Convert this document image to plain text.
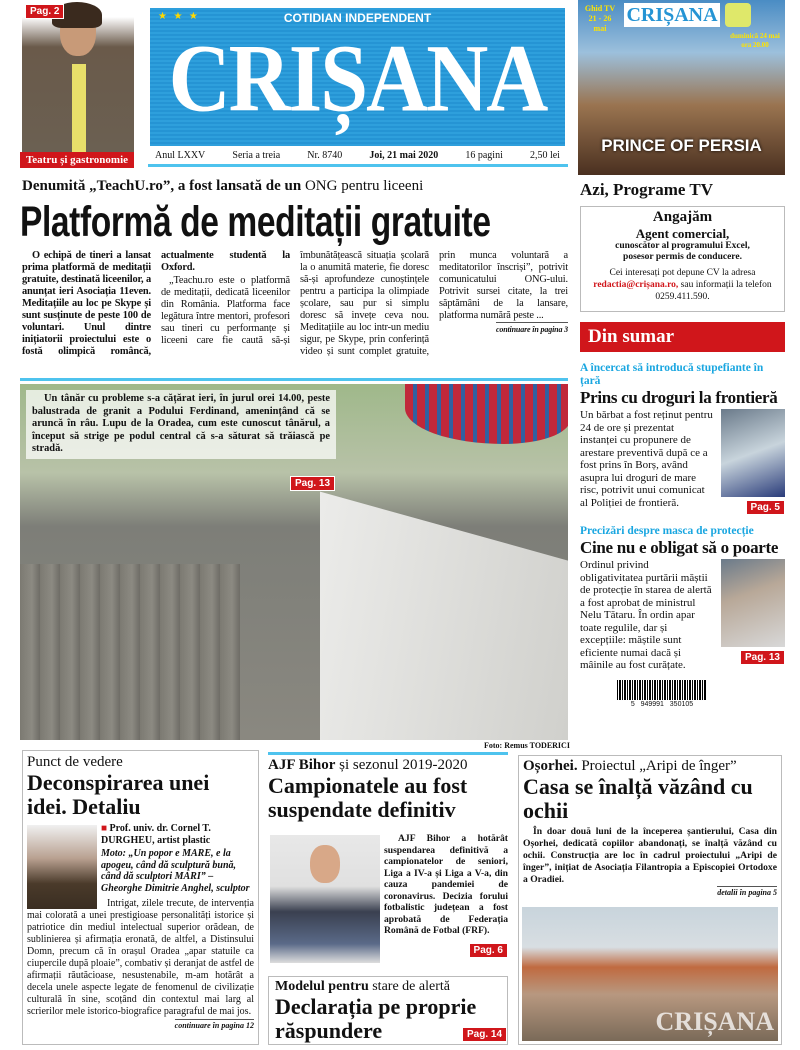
Pag. 2
Teatru și gastronomie
★ ★ ★	COTIDIAN INDEPENDENT
CRIȘANA
Anul LXXV	Seria a treia	Nr. 8740	Joi, 21 mai 2020	16 pagini	2,50 lei
Ghid TV 21 - 26 mai
CRIȘANA
duminică 24 mai ora 20.00
PRINCE OF PERSIA
Azi, Programe TV
Denumită „TeachU.ro”, a fost lansată de un ONG pentru liceeni
Platformă de meditații gratuite

O echipă de tineri a lansat prima platformă de meditații gratuite, destinată liceenilor, a anunțat ieri Asociația 11even. Meditațiile au loc pe Skype și sunt susținute de peste 100 de voluntari. Unul dintre inițiatorii proiectului este o fostă olimpică româncă, actualmente studentă la Oxford.

„Teachu.ro este o platformă de meditații, dedicată liceenilor din România. Platforma face legătura între mentori, profesori sau tineri cu performanțe și liceeni care fie caută să-și îmbunătățească situația școlară la o anumită materie, fie doresc să-și aprofundeze cunoștințele pentru a participa la olimpiade școlare, sau pur si simplu doresc să invețe ceva nou. Meditațiile au loc intr-un mediu sigur, pe Skype, prin conferință video și sunt complet gratuite, prin munca voluntară a meditatorilor înscriși”, potrivit comunicatului ONG-ului. Potrivit sursei citate, la trei săptămâni de la lansare, platforma numără peste ...

continuare în pagina 3
Un tânăr cu probleme s-a cățărat ieri, în jurul orei 14.00, peste balustrada de granit a Podului Ferdinand, amenințând că se aruncă în râu. Lupu de la Oradea, cum este cunoscut tânărul, a început să strige pe podul central că s-a săturat să trăiască pe stradă.
Pag. 13
Foto: Remus TODERICI
Angajăm
Agent comercial,
cunoscător al programului Excel,
posesor permis de conducere.
Cei interesați pot depune CV la adresa
redactia@crișana.ro, sau informații la telefon 0259.411.590.
Din sumar
A încercat să introducă stupefiante în țară
Prins cu droguri la frontieră
Pag. 5
Un bărbat a fost reținut pentru 24 de ore și prezentat instanței cu propunere de arestare preventivă după ce a fost prins în Borș, având asupra lui droguri de mare risc, potrivit unui comunicat al Poliției de frontieră.
Precizări despre masca de protecție
Cine nu e obligat să o poarte
Pag. 13
Ordinul privind obligativitatea purtării măștii de protecție în starea de alertă a fost aprobat de ministrul Nelu Tătaru. În ordin apar toate regulile, dar și excepțiile: măștile sunt eficiente numai dacă și mâinile au fost curățate.
5   949991   350105
Punct de vedere
Deconspirarea unei idei. Detaliu
■ Prof. univ. dr. Cornel T. DURGHEU, artist plastic
Moto: „Un popor e MARE, e la apogeu, când dă sculptură bună, când dă sculptori MARI” – Gheorghe Dimitrie Anghel, sculptor
Intrigat, zilele trecute, de intervenția mai colorată a unei prestigioase personalități istorice și patriotice din mediul intelectual superior orădean, de sublinierea și afirmația eronată, de altfel, a Distinsului Domn, precum că în orașul Oradea „apar statuile ca ciupercile după ploaie”, combativ și deranjat de astfel de afirmații răutăcioase, nesustenabile, m-am hotărât a decela unele aspecte legate de fenomenul de civilizație culturală în sine, scoțând din contextul mai larg al scrierilor mele istorico-biografice paragraful de mai jos.
continuare în pagina 12
AJF Bihor și sezonul 2019-2020
Campionatele au fost suspendate definitiv
AJF Bihor a hotărât suspendarea definitivă a campionatelor de seniori, Liga a IV-a și Liga a V-a, din cauza pandemiei de coronavirus. Decizia forului fotbalistic județean a fost aprobată de Federația Română de Fotbal (FRF).
Pag. 6
Modelul pentru stare de alertă
Declarația pe proprie răspundere	Pag. 14
Oșorhei. Proiectul „Aripi de înger”
Casa se înalță văzând cu ochii
În doar două luni de la începerea șantierului, Casa din Oșorhei, dedicată copiilor abandonați, se înalță văzând cu ochii. Construcția are loc în cadrul proiectului „Aripi de înger”, inițiat de Asociația Filantropia a Episcopiei Ortodoxe a Oradiei.
detalii în pagina 5
CRIȘANA
